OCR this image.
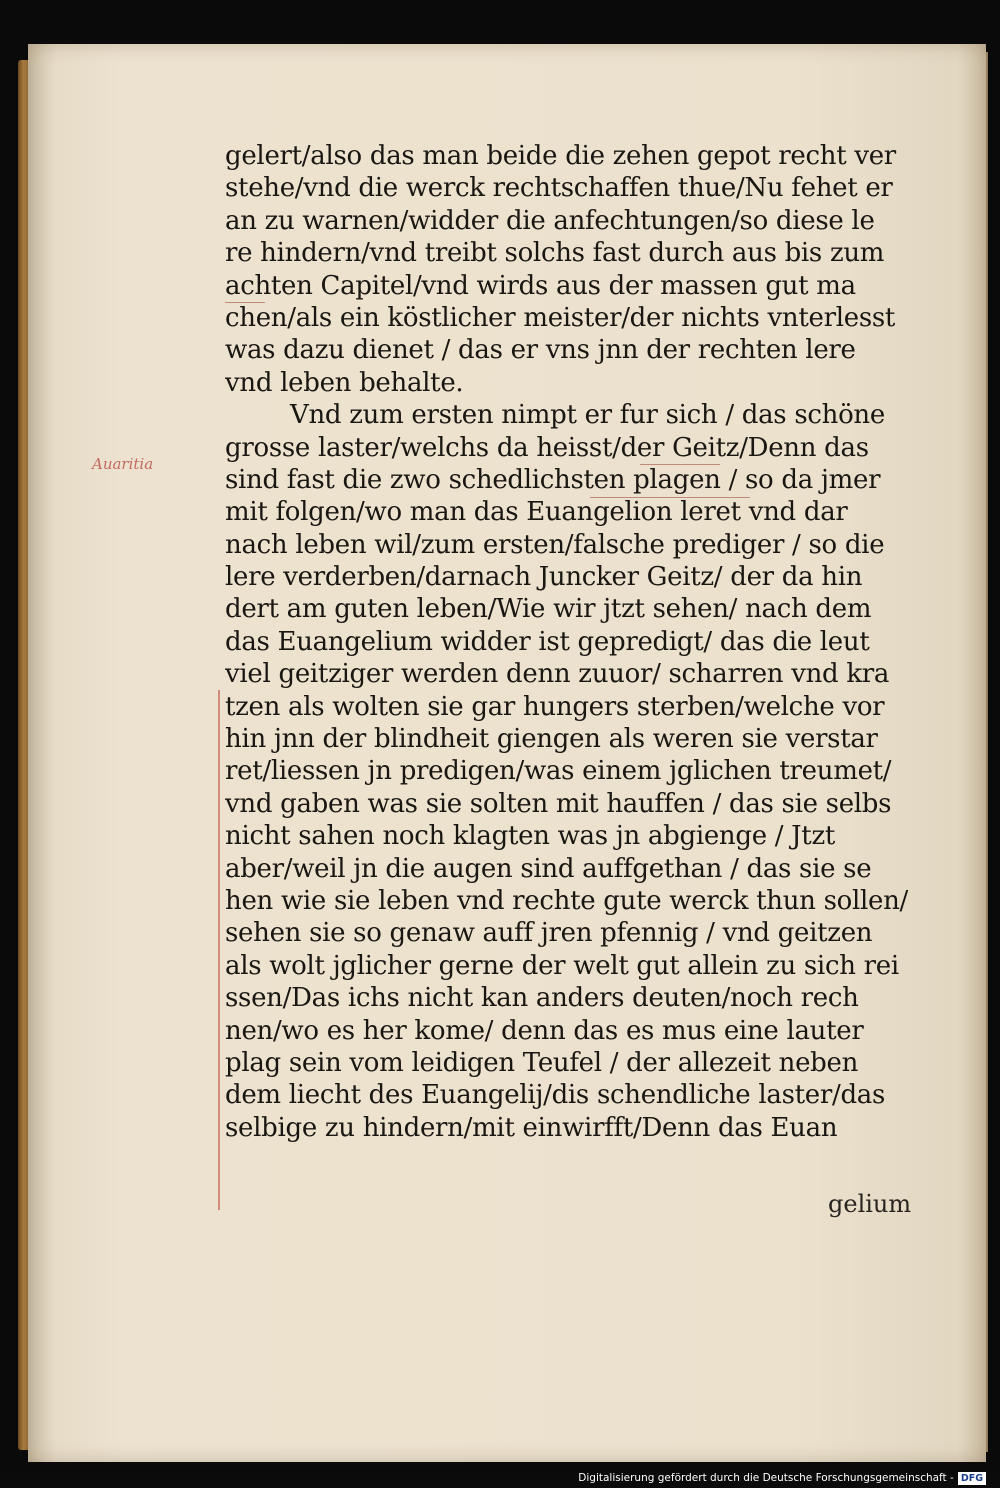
Auaritia
gelert/also das man beide die zehen gepot recht ver
stehe/vnd die werck rechtschaffen thue/Nu fehet er
an zu warnen/widder die anfechtungen/so diese le
re hindern/vnd treibt solchs fast durch aus bis zum
achten Capitel/vnd wirds aus der massen gut ma
chen/als ein köstlicher meister/der nichts vnterlesst
was dazu dienet / das er vns jnn der rechten lere
vnd leben behalte.
Vnd zum ersten nimpt er fur sich / das schöne
grosse laster/welchs da heisst/der Geitz/Denn das
sind fast die zwo schedlichsten plagen / so da jmer
mit folgen/wo man das Euangelion leret vnd dar
nach leben wil/zum ersten/falsche prediger / so die
lere verderben/darnach Juncker Geitz/ der da hin
dert am guten leben/Wie wir jtzt sehen/ nach dem
das Euangelium widder ist gepredigt/ das die leut
viel geitziger werden denn zuuor/ scharren vnd kra
tzen als wolten sie gar hungers sterben/welche vor
hin jnn der blindheit giengen als weren sie verstar
ret/liessen jn predigen/was einem jglichen treumet/
vnd gaben was sie solten mit hauffen / das sie selbs
nicht sahen noch klagten was jn abgienge / Jtzt
aber/weil jn die augen sind auffgethan / das sie se
hen wie sie leben vnd rechte gute werck thun sollen/
sehen sie so genaw auff jren pfennig / vnd geitzen
als wolt jglicher gerne der welt gut allein zu sich rei
ssen/Das ichs nicht kan anders deuten/noch rech
nen/wo es her kome/ denn das es mus eine lauter
plag sein vom leidigen Teufel / der allezeit neben
dem liecht des Euangelij/dis schendliche laster/das
selbige zu hindern/mit einwirfft/Denn das Euan
gelium
Digitalisierung gefördert durch die Deutsche Forschungsgemeinschaft - DFG
